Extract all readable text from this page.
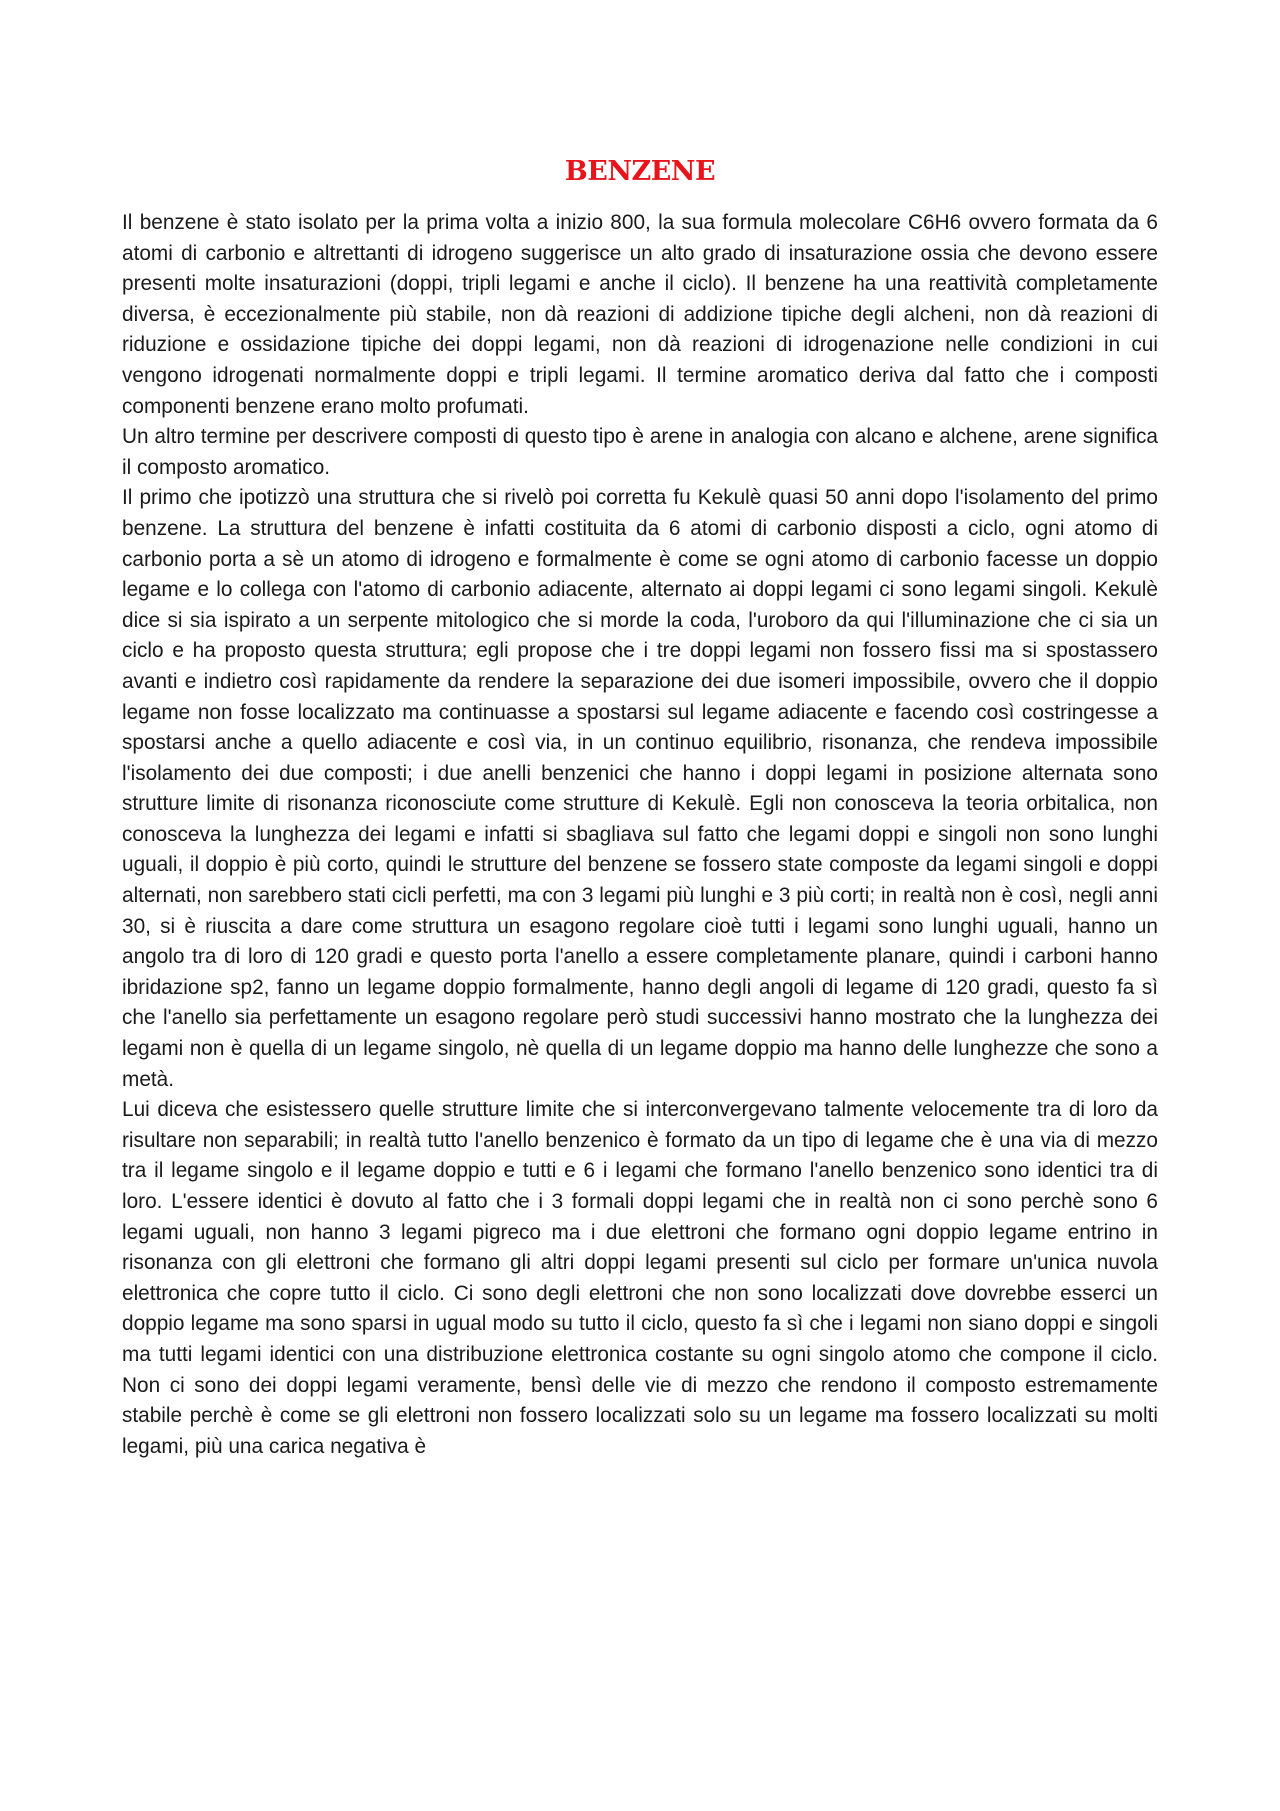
BENZENE

Il benzene è stato isolato per la prima volta a inizio 800, la sua formula molecolare C6H6 ovvero formata da 6 atomi di carbonio e altrettanti di idrogeno suggerisce un alto grado di insaturazione ossia che devono essere presenti molte insaturazioni (doppi, tripli legami e anche il ciclo). Il benzene ha una reattività completamente diversa, è eccezionalmente più stabile, non dà reazioni di addizione tipiche degli alcheni, non dà reazioni di riduzione e ossidazione tipiche dei doppi legami, non dà reazioni di idrogenazione nelle condizioni in cui vengono idrogenati normalmente doppi e tripli legami. Il termine aromatico deriva dal fatto che i composti componenti benzene erano molto profumati.

Un altro termine per descrivere composti di questo tipo è arene in analogia con alcano e alchene, arene significa il composto aromatico.

Il primo che ipotizzò una struttura che si rivelò poi corretta fu Kekulè quasi 50 anni dopo l'isolamento del primo benzene. La struttura del benzene è infatti costituita da 6 atomi di carbonio disposti a ciclo, ogni atomo di carbonio porta a sè un atomo di idrogeno e formalmente è come se ogni atomo di carbonio facesse un doppio legame e lo collega con l'atomo di carbonio adiacente, alternato ai doppi legami ci sono legami singoli. Kekulè dice si sia ispirato a un serpente mitologico che si morde la coda, l'uroboro da qui l'illuminazione che ci sia un ciclo e ha proposto questa struttura; egli propose che i tre doppi legami non fossero fissi ma si spostassero avanti e indietro così rapidamente da rendere la separazione dei due isomeri impossibile, ovvero che il doppio legame non fosse localizzato ma continuasse a spostarsi sul legame adiacente e facendo così costringesse a spostarsi anche a quello adiacente e così via, in un continuo equilibrio, risonanza, che rendeva impossibile l'isolamento dei due composti; i due anelli benzenici che hanno i doppi legami in posizione alternata sono strutture limite di risonanza riconosciute come strutture di Kekulè. Egli non conosceva la teoria orbitalica, non conosceva la lunghezza dei legami e infatti si sbagliava sul fatto che legami doppi e singoli non sono lunghi uguali, il doppio è più corto, quindi le strutture del benzene se fossero state composte da legami singoli e doppi alternati, non sarebbero stati cicli perfetti, ma con 3 legami più lunghi e 3 più corti; in realtà non è così, negli anni 30, si è riuscita a dare come struttura un esagono regolare cioè tutti i legami sono lunghi uguali, hanno un angolo tra di loro di 120 gradi e questo porta l'anello a essere completamente planare, quindi i carboni hanno ibridazione sp2, fanno un legame doppio formalmente, hanno degli angoli di legame di 120 gradi, questo fa sì che l'anello sia perfettamente un esagono regolare però studi successivi hanno mostrato che la lunghezza dei legami non è quella di un legame singolo, nè quella di un legame doppio ma hanno delle lunghezze che sono a metà.

Lui diceva che esistessero quelle strutture limite che si interconvergevano talmente velocemente tra di loro da risultare non separabili; in realtà tutto l'anello benzenico è formato da un tipo di legame che è una via di mezzo tra il legame singolo e il legame doppio e tutti e 6 i legami che formano l'anello benzenico sono identici tra di loro. L'essere identici è dovuto al fatto che i 3 formali doppi legami che in realtà non ci sono perchè sono 6 legami uguali, non hanno 3 legami pigreco ma i due elettroni che formano ogni doppio legame entrino in risonanza con gli elettroni che formano gli altri doppi legami presenti sul ciclo per formare un'unica nuvola elettronica che copre tutto il ciclo. Ci sono degli elettroni che non sono localizzati dove dovrebbe esserci un doppio legame ma sono sparsi in ugual modo su tutto il ciclo, questo fa sì che i legami non siano doppi e singoli ma tutti legami identici con una distribuzione elettronica costante su ogni singolo atomo che compone il ciclo. Non ci sono dei doppi legami veramente, bensì delle vie di mezzo che rendono il composto estremamente stabile perchè è come se gli elettroni non fossero localizzati solo su un legame ma fossero localizzati su molti legami, più una carica negativa è
